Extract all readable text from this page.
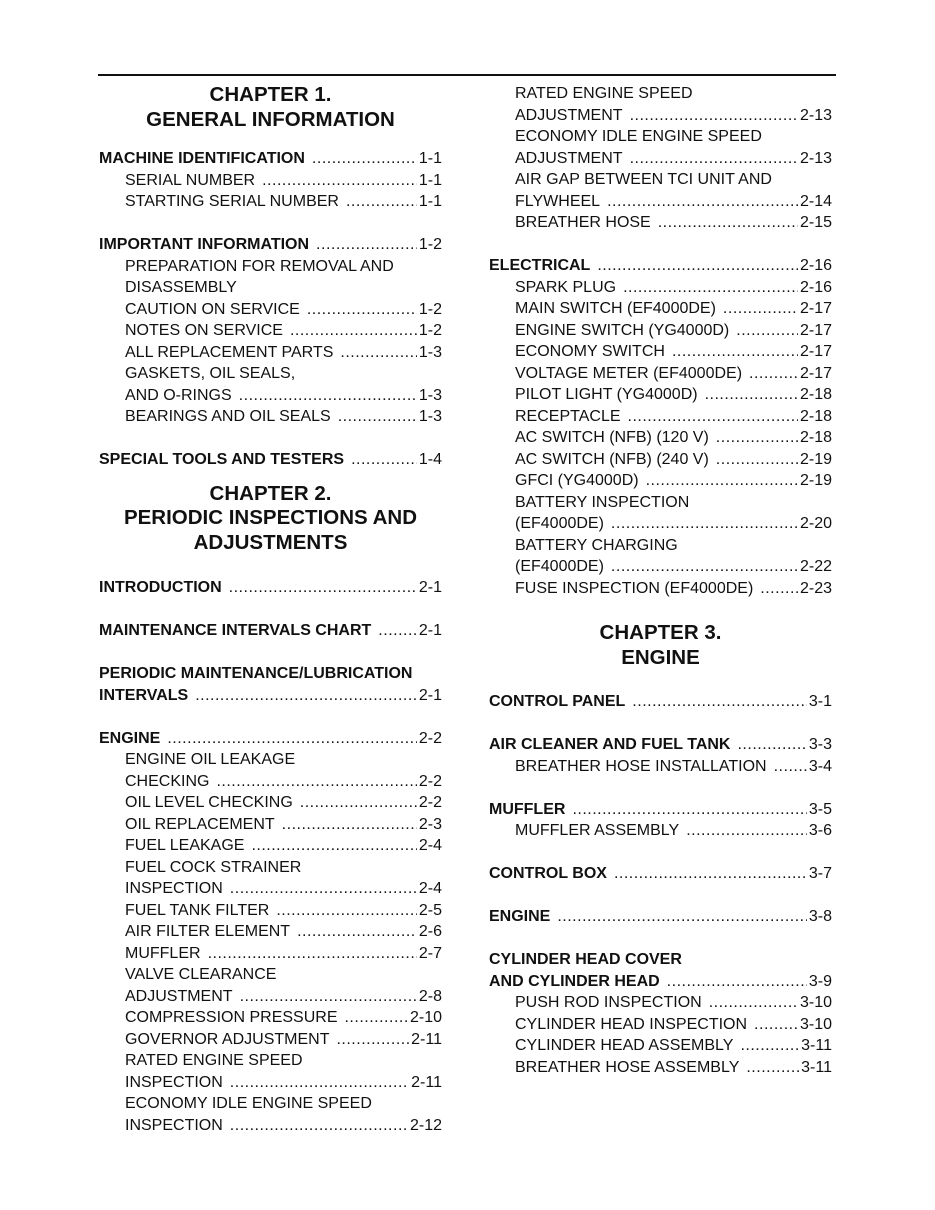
CHAPTER 1.
GENERAL INFORMATION
MACHINE IDENTIFICATION .....	1-1
SERIAL NUMBER .....	1-1
STARTING SERIAL NUMBER .....	1-1
IMPORTANT INFORMATION .....	1-2
PREPARATION FOR REMOVAL AND
DISASSEMBLY
CAUTION ON SERVICE .....	1-2
NOTES ON SERVICE .....	1-2
ALL REPLACEMENT PARTS .....	1-3
GASKETS, OIL SEALS,
AND O-RINGS .....	1-3
BEARINGS AND OIL SEALS .....	1-3
SPECIAL TOOLS AND TESTERS .....	1-4
CHAPTER 2.
PERIODIC INSPECTIONS AND
ADJUSTMENTS
INTRODUCTION .....	2-1
MAINTENANCE INTERVALS CHART .....	2-1
PERIODIC MAINTENANCE/LUBRICATION
INTERVALS .....	2-1
ENGINE .....	2-2
ENGINE OIL LEAKAGE
CHECKING .....	2-2
OIL LEVEL CHECKING .....	2-2
OIL REPLACEMENT .....	2-3
FUEL LEAKAGE .....	2-4
FUEL COCK STRAINER
INSPECTION .....	2-4
FUEL TANK FILTER .....	2-5
AIR FILTER ELEMENT .....	2-6
MUFFLER .....	2-7
VALVE CLEARANCE
ADJUSTMENT .....	2-8
COMPRESSION PRESSURE .....	2-10
GOVERNOR ADJUSTMENT .....	2-11
RATED ENGINE SPEED
INSPECTION .....	2-11
ECONOMY IDLE ENGINE SPEED
INSPECTION .....	2-12
RATED ENGINE SPEED
ADJUSTMENT .....	2-13
ECONOMY IDLE ENGINE SPEED
ADJUSTMENT .....	2-13
AIR GAP BETWEEN TCI UNIT AND
FLYWHEEL .....	2-14
BREATHER HOSE .....	2-15
ELECTRICAL .....	2-16
SPARK PLUG .....	2-16
MAIN SWITCH (EF4000DE) .....	2-17
ENGINE SWITCH (YG4000D) .....	2-17
ECONOMY SWITCH .....	2-17
VOLTAGE METER (EF4000DE) .....	2-17
PILOT LIGHT (YG4000D) .....	2-18
RECEPTACLE .....	2-18
AC SWITCH (NFB) (120 V) .....	2-18
AC SWITCH (NFB) (240 V) .....	2-19
GFCI (YG4000D) .....	2-19
BATTERY INSPECTION
(EF4000DE) .....	2-20
BATTERY CHARGING
(EF4000DE) .....	2-22
FUSE INSPECTION (EF4000DE) .....	2-23
CHAPTER 3.
ENGINE
CONTROL PANEL .....	3-1
AIR CLEANER AND FUEL TANK .....	3-3
BREATHER HOSE INSTALLATION .....	3-4
MUFFLER .....	3-5
MUFFLER ASSEMBLY .....	3-6
CONTROL BOX .....	3-7
ENGINE .....	3-8
CYLINDER HEAD COVER
AND CYLINDER HEAD .....	3-9
PUSH ROD INSPECTION .....	3-10
CYLINDER HEAD INSPECTION .....	3-10
CYLINDER HEAD ASSEMBLY .....	3-11
BREATHER HOSE ASSEMBLY .....	3-11
